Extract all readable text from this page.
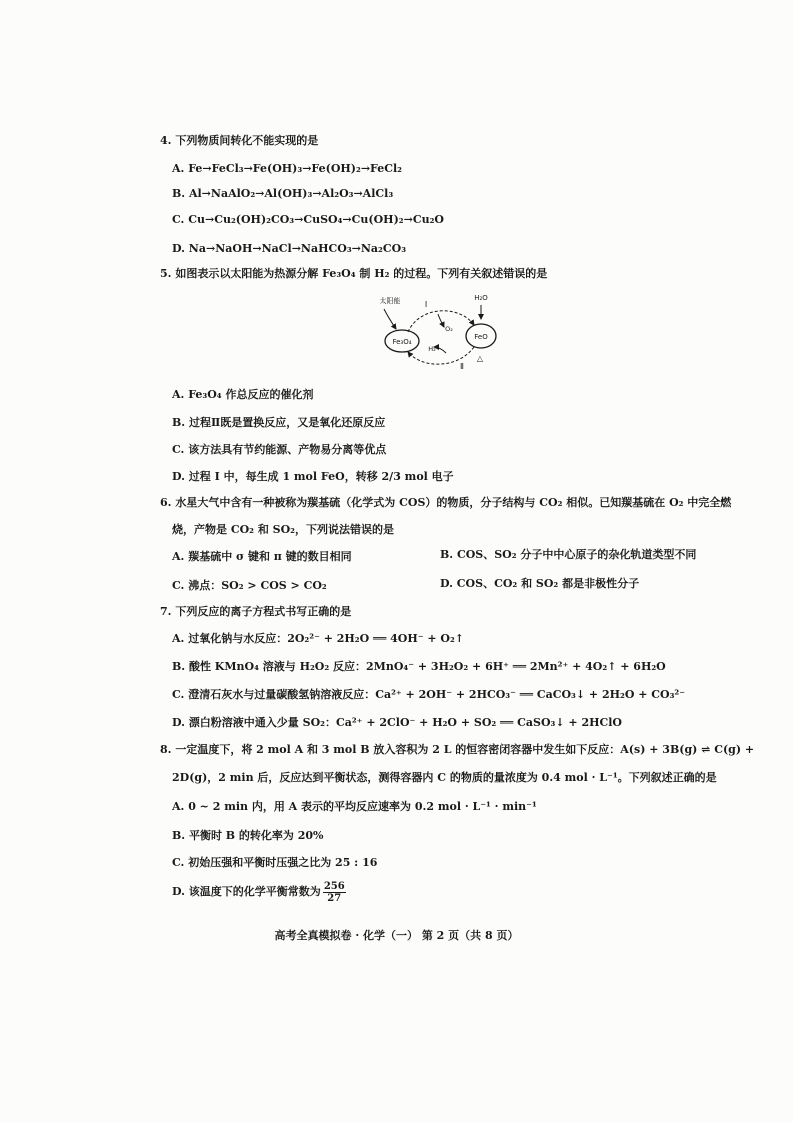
4. 下列物质间转化不能实现的是
A. Fe→FeCl₃→Fe(OH)₃→Fe(OH)₂→FeCl₂
B. Al→NaAlO₂→Al(OH)₃→Al₂O₃→AlCl₃
C. Cu→Cu₂(OH)₂CO₃→CuSO₄→Cu(OH)₂→Cu₂O
D. Na→NaOH→NaCl→NaHCO₃→Na₂CO₃
5. 如图表示以太阳能为热源分解 Fe₃O₄ 制 H₂ 的过程。下列有关叙述错误的是
Fe₃O₄
FeO
太阳能	I
O₂
H₂O
H₂
Ⅱ
△
A. Fe₃O₄ 作总反应的催化剂
B. 过程Ⅱ既是置换反应，又是氧化还原反应
C. 该方法具有节约能源、产物易分离等优点
D. 过程 I 中，每生成 1 mol FeO，转移 2/3 mol 电子
6. 水星大气中含有一种被称为羰基硫（化学式为 COS）的物质，分子结构与 CO₂ 相似。已知羰基硫在 O₂ 中完全燃
烧，产物是 CO₂ 和 SO₂，下列说法错误的是
A. 羰基硫中 σ 键和 π 键的数目相同	B. COS、SO₂ 分子中中心原子的杂化轨道类型不同
C. 沸点：SO₂ > COS > CO₂	D. COS、CO₂ 和 SO₂ 都是非极性分子
7. 下列反应的离子方程式书写正确的是
A. 过氧化钠与水反应：2O₂²⁻ + 2H₂O ══ 4OH⁻ + O₂↑
B. 酸性 KMnO₄ 溶液与 H₂O₂ 反应：2MnO₄⁻ + 3H₂O₂ + 6H⁺ ══ 2Mn²⁺ + 4O₂↑ + 6H₂O
C. 澄清石灰水与过量碳酸氢钠溶液反应：Ca²⁺ + 2OH⁻ + 2HCO₃⁻ ══ CaCO₃↓ + 2H₂O + CO₃²⁻
D. 漂白粉溶液中通入少量 SO₂：Ca²⁺ + 2ClO⁻ + H₂O + SO₂ ══ CaSO₃↓ + 2HClO
8. 一定温度下，将 2 mol A 和 3 mol B 放入容积为 2 L 的恒容密闭容器中发生如下反应：A(s) + 3B(g) ⇌ C(g) +
2D(g)，2 min 后，反应达到平衡状态，测得容器内 C 的物质的量浓度为 0.4 mol · L⁻¹。下列叙述正确的是
A. 0 ~ 2 min 内，用 A 表示的平均反应速率为 0.2 mol · L⁻¹ · min⁻¹
B. 平衡时 B 的转化率为 20%
C. 初始压强和平衡时压强之比为 25 : 16
D. 该温度下的化学平衡常数为 $\frac{256}{27}$
高考全真模拟卷 · 化学（一） 第 2 页（共 8 页）
